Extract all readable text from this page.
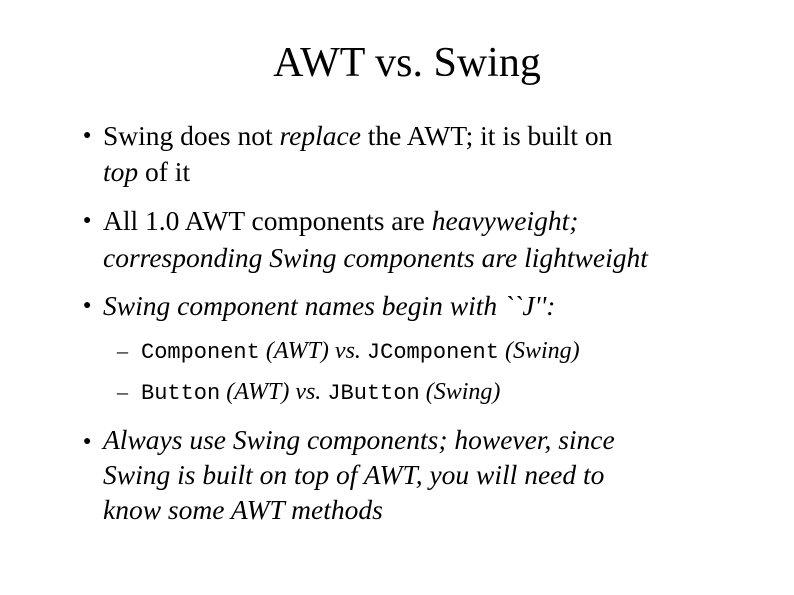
AWT vs. Swing
● Swing does not replace the AWT; it is built on
top of it
● All 1.0 AWT components are heavyweight;
corresponding Swing components are lightweight
● Swing component names begin with ``J'':
– Component (AWT) vs. JComponent (Swing)
– Button (AWT) vs. JButton (Swing)
● Always use Swing components; however, since
Swing is built on top of AWT, you will need to
know some AWT methods
